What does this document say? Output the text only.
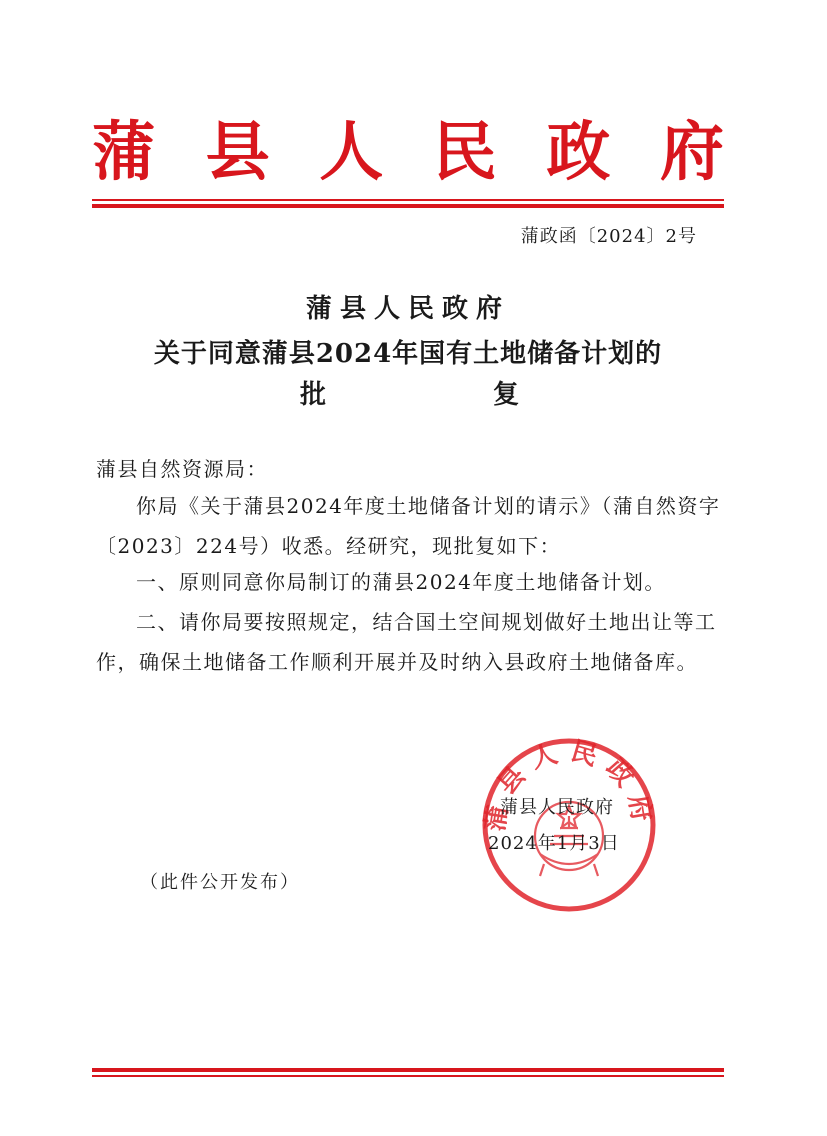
蒲 县 人 民 政 府
蒲政函〔2024〕2号
蒲县人民政府
关于同意蒲县2024年国有土地储备计划的
批	复
蒲县自然资源局：
你局《关于蒲县2024年度土地储备计划的请示》（蒲自然资字〔2023〕224号）收悉。经研究，现批复如下：
一、原则同意你局制订的蒲县2024年度土地储备计划。
二、请你局要按照规定，结合国土空间规划做好土地出让等工作，确保土地储备工作顺利开展并及时纳入县政府土地储备库。
蒲县人民政府
蒲县人民政府
2024年1月3日
（此件公开发布）
